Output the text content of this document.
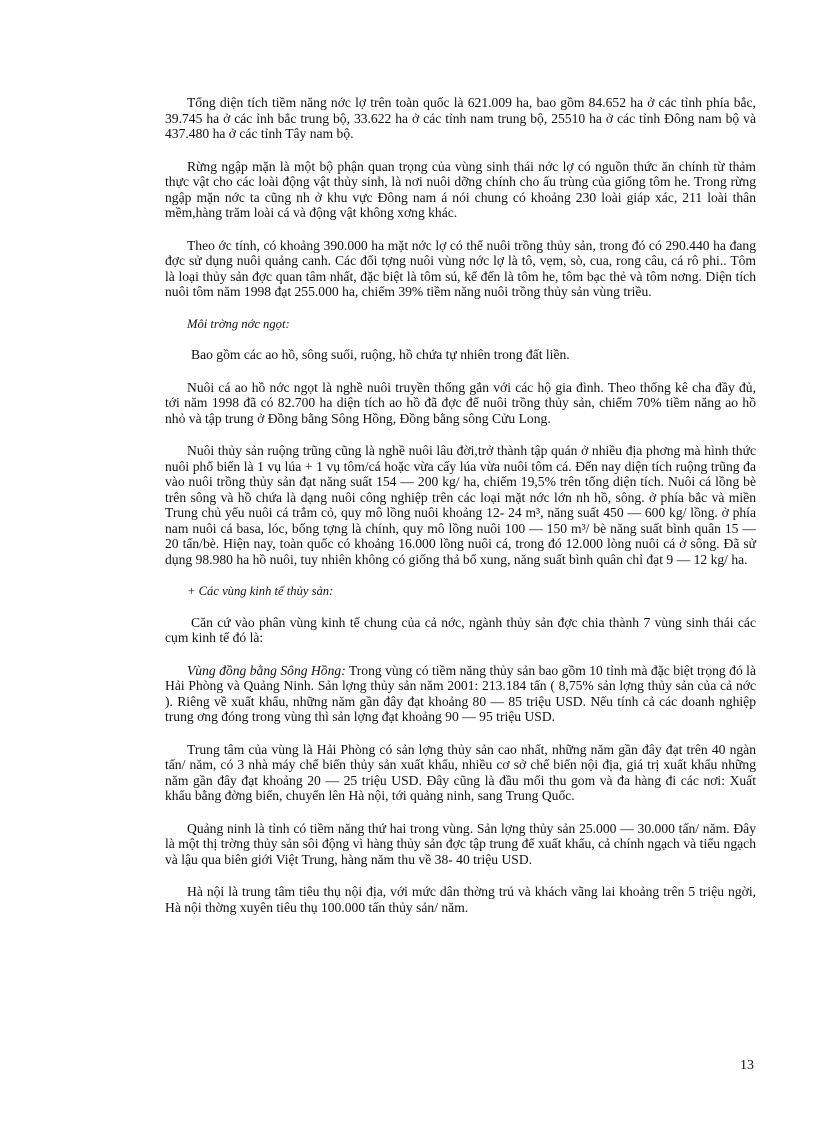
Tổng diện tích tiềm năng nớc lợ trên toàn quốc là 621.009 ha, bao gồm 84.652 ha ở các tỉnh phía bắc, 39.745 ha ở các ỉnh bắc trung bộ, 33.622 ha ở các tỉnh nam trung bộ, 25510 ha ở các tỉnh Đông nam bộ và 437.480 ha ở các tỉnh Tây nam bộ.

Rừng ngập mặn là một bộ phận quan trọng của vùng sinh thái nớc lợ có nguồn thức ăn chính từ thảm thực vật cho các loài động vật thủy sinh, là nơi nuôi dỡng chính cho ấu trùng của giống tôm he. Trong rừng ngập mặn nớc ta cũng nh ở khu vực Đông nam á nói chung có khoảng 230 loài giáp xác, 211 loài thân mềm,hàng trăm loài cá và động vật không xơng khác.

Theo ớc tính, có khoảng 390.000 ha mặt nớc lợ có thể nuôi trồng thủy sản, trong đó có 290.440 ha đang đợc sử dụng nuôi quảng canh. Các đối tợng nuôi vùng nớc lợ là tô, vẹm, sò, cua, rong câu, cá rô phi.. Tôm là loại thủy sản đợc quan tâm nhất, đặc biệt là tôm sú, kế đến là tôm he, tôm bạc thẻ và tôm nơng. Diện tích nuôi tôm năm 1998 đạt 255.000 ha, chiếm 39% tiềm năng nuôi trồng thủy sản vùng triều.

Môi trờng nớc ngọt:

Bao gồm các ao hồ, sông suối, ruộng, hồ chứa tự nhiên trong đất liền.

Nuôi cá ao hồ nớc ngọt là nghề nuôi truyền thống gắn với các hộ gia đình. Theo thống kê cha đầy đủ, tới năm 1998 đã có 82.700 ha diện tích ao hồ đã đợc để nuôi trồng thủy sản, chiếm 70% tiềm năng ao hồ nhỏ và tập trung ở Đồng bằng Sông Hồng, Đồng bằng sông Cửu Long.

Nuôi thủy sản ruộng trũng cũng là nghề nuôi lâu đời,trở thành tập quán ở nhiều địa phơng mà hình thức nuôi phổ biến là 1 vụ lúa + 1 vụ tôm/cá hoặc vừa cấy lúa vừa nuôi tôm cá. Đến nay diện tích ruộng trũng đa vào nuôi trồng thủy sản đạt năng suất 154 — 200 kg/ ha, chiếm 19,5% trên tổng diện tích. Nuôi cá lồng bè trên sông và hồ chứa là dạng nuôi công nghiệp trên các loại mặt nớc lớn nh hồ, sông. ở phía bắc và miền Trung chủ yếu nuôi cá trắm cỏ, quy mô lồng nuôi khoảng 12- 24 m³, năng suất 450 — 600 kg/ lồng. ở phía nam nuôi cá basa, lóc, bống tợng là chính, quy mô lồng nuôi 100 — 150 m³/ bè năng suất bình quân 15 — 20 tấn/bè. Hiện nay, toàn quốc có khoảng 16.000 lồng nuôi cá, trong đó 12.000 lòng nuôi cá ở sông. Đã sử dụng 98.980 ha hồ nuôi, tuy nhiên không có giống thả bổ xung, năng suất bình quân chỉ đạt 9 — 12 kg/ ha.

+ Các vùng kinh tế thủy sản:

Căn cứ vào phân vùng kinh tế chung của cả nớc, ngành thủy sản đợc chia thành 7 vùng sinh thái các cụm kinh tế đó là:

Vùng đồng bằng Sông Hồng: Trong vùng có tiềm năng thủy sản bao gồm 10 tỉnh mà đặc biệt trọng đó là Hải Phòng và Quảng Ninh. Sản lợng thủy sản năm 2001: 213.184 tấn ( 8,75% sản lợng thủy sản của cả nớc ). Riêng về xuất khẩu, những năm gần đây đạt khoảng 80 — 85 triệu USD. Nếu tính cả các doanh nghiệp trung ơng đóng trong vùng thì sản lợng đạt khoảng 90 — 95 triệu USD.

Trung tâm của vùng là Hải Phòng có sản lợng thủy sản cao nhất, những năm gần đây đạt trên 40 ngàn tấn/ năm, có 3 nhà máy chế biến thủy sản xuất khẩu, nhiều cơ sở chế biến nội địa, giá trị xuất khẩu những năm gần đây đạt khoảng 20 — 25 triệu USD. Đây cũng là đầu mối thu gom và đa hàng đi các nơi: Xuất khẩu bằng đờng biển, chuyển lên Hà nội, tới quảng ninh, sang Trung Quốc.

Quảng ninh là tỉnh có tiềm năng thứ hai trong vùng. Sản lợng thủy sản 25.000 — 30.000 tấn/ năm. Đây là một thị trờng thủy sản sôi động vì hàng thủy sản đợc tập trung để xuất khẩu, cả chính ngạch và tiểu ngạch và lậu qua biên giới Việt Trung, hàng năm thu về 38- 40 triệu USD.

Hà nội là trung tâm tiêu thụ nội địa, với mức dân thờng trú và khách vãng lai khoảng trên 5 triệu ngời, Hà nội thờng xuyên tiêu thụ 100.000 tấn thủy sản/ năm.

13
